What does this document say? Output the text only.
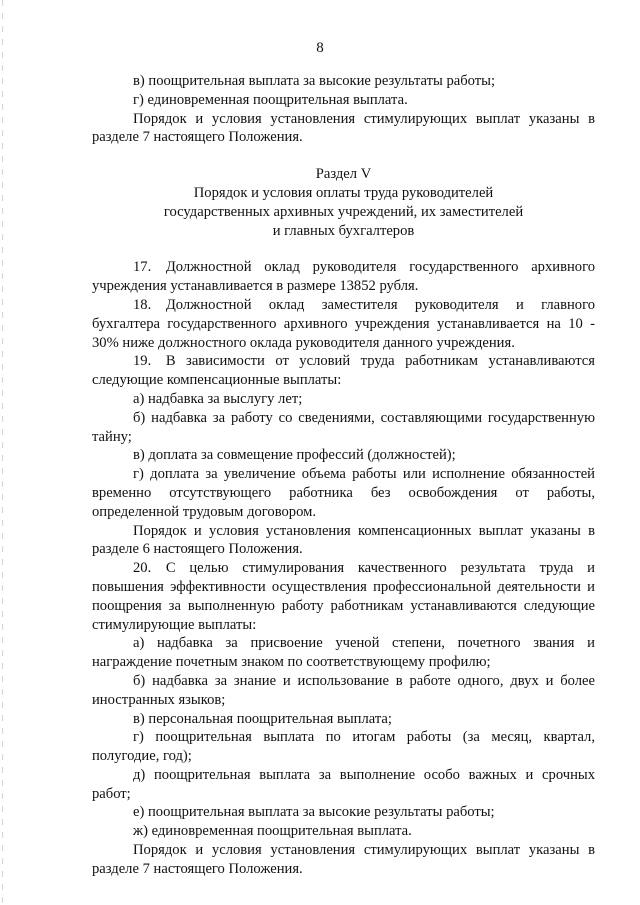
8

в) поощрительная выплата за высокие результаты работы;

г) единовременная поощрительная выплата.

Порядок и условия установления стимулирующих выплат указаны в разделе 7 настоящего Положения.

Раздел V

Порядок и условия оплаты труда руководителей

государственных архивных учреждений, их заместителей

и главных бухгалтеров

17. Должностной оклад руководителя государственного архивного учреждения устанавливается в размере 13852 рубля.

18. Должностной оклад заместителя руководителя и главного бухгалтера государственного архивного учреждения устанавливается на 10 - 30% ниже должностного оклада руководителя данного учреждения.

19. В зависимости от условий труда работникам устанавливаются следующие компенсационные выплаты:

а) надбавка за выслугу лет;

б) надбавка за работу со сведениями, составляющими государственную тайну;

в) доплата за совмещение профессий (должностей);

г) доплата за увеличение объема работы или исполнение обязанностей временно отсутствующего работника без освобождения от работы, определенной трудовым договором.

Порядок и условия установления компенсационных выплат указаны в разделе 6 настоящего Положения.

20. С целью стимулирования качественного результата труда и повышения эффективности осуществления профессиональной деятельности и поощрения за выполненную работу работникам устанавливаются следующие стимулирующие выплаты:

а) надбавка за присвоение ученой степени, почетного звания и награждение почетным знаком по соответствующему профилю;

б) надбавка за знание и использование в работе одного, двух и более иностранных языков;

в) персональная поощрительная выплата;

г) поощрительная выплата по итогам работы (за месяц, квартал, полугодие, год);

д) поощрительная выплата за выполнение особо важных и срочных работ;

е) поощрительная выплата за высокие результаты работы;

ж) единовременная поощрительная выплата.

Порядок и условия установления стимулирующих выплат указаны в разделе 7 настоящего Положения.
